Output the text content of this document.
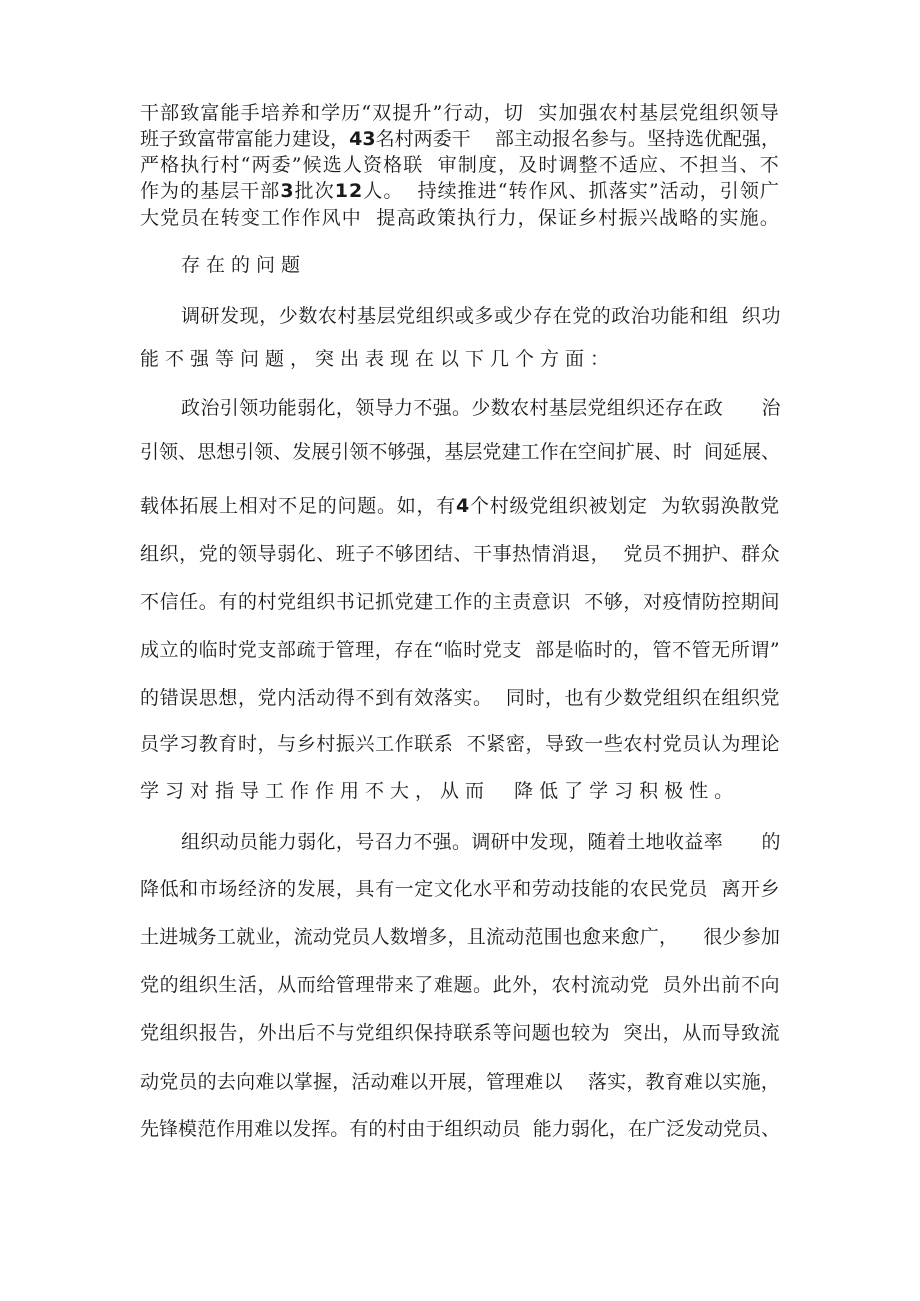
干部致富能手培养和学历“双提升”行动，切  实加强农村基层党组织领导

班子致富带富能力建设，43名村两委干    部主动报名参与。坚持选优配强，

严格执行村“两委”候选人资格联  审制度，及时调整不适应、不担当、不

作为的基层干部3批次12人。  持续推进“转作风、抓落实”活动，引领广

大党员在转变工作作风中  提高政策执行力，保证乡村振兴战略的实施。

存在的问题

调研发现，少数农村基层党组织或多或少存在党的政治功能和组  织功

能不强等问题，突出表现在以下几个方面：

政治引领功能弱化，领导力不强。少数农村基层党组织还存在政      治

引领、思想引领、发展引领不够强，基层党建工作在空间扩展、时  间延展、

载体拓展上相对不足的问题。如，有4个村级党组织被划定  为软弱涣散党

组织，党的领导弱化、班子不够团结、干事热情消退，  党员不拥护、群众

不信任。有的村党组织书记抓党建工作的主责意识  不够，对疫情防控期间

成立的临时党支部疏于管理，存在“临时党支  部是临时的，管不管无所谓”

的错误思想，党内活动得不到有效落实。  同时，也有少数党组织在组织党

员学习教育时，与乡村振兴工作联系  不紧密，导致一些农村党员认为理论

学习对指导工作作用不大，从而  降低了学习积极性。

组织动员能力弱化，号召力不强。调研中发现，随着土地收益率      的

降低和市场经济的发展，具有一定文化水平和劳动技能的农民党员  离开乡

土进城务工就业，流动党员人数增多，且流动范围也愈来愈广，    很少参加

党的组织生活，从而给管理带来了难题。此外，农村流动党  员外出前不向

党组织报告，外出后不与党组织保持联系等问题也较为  突出，从而导致流

动党员的去向难以掌握，活动难以开展，管理难以    落实，教育难以实施，

先锋模范作用难以发挥。有的村由于组织动员  能力弱化，在广泛发动党员、
